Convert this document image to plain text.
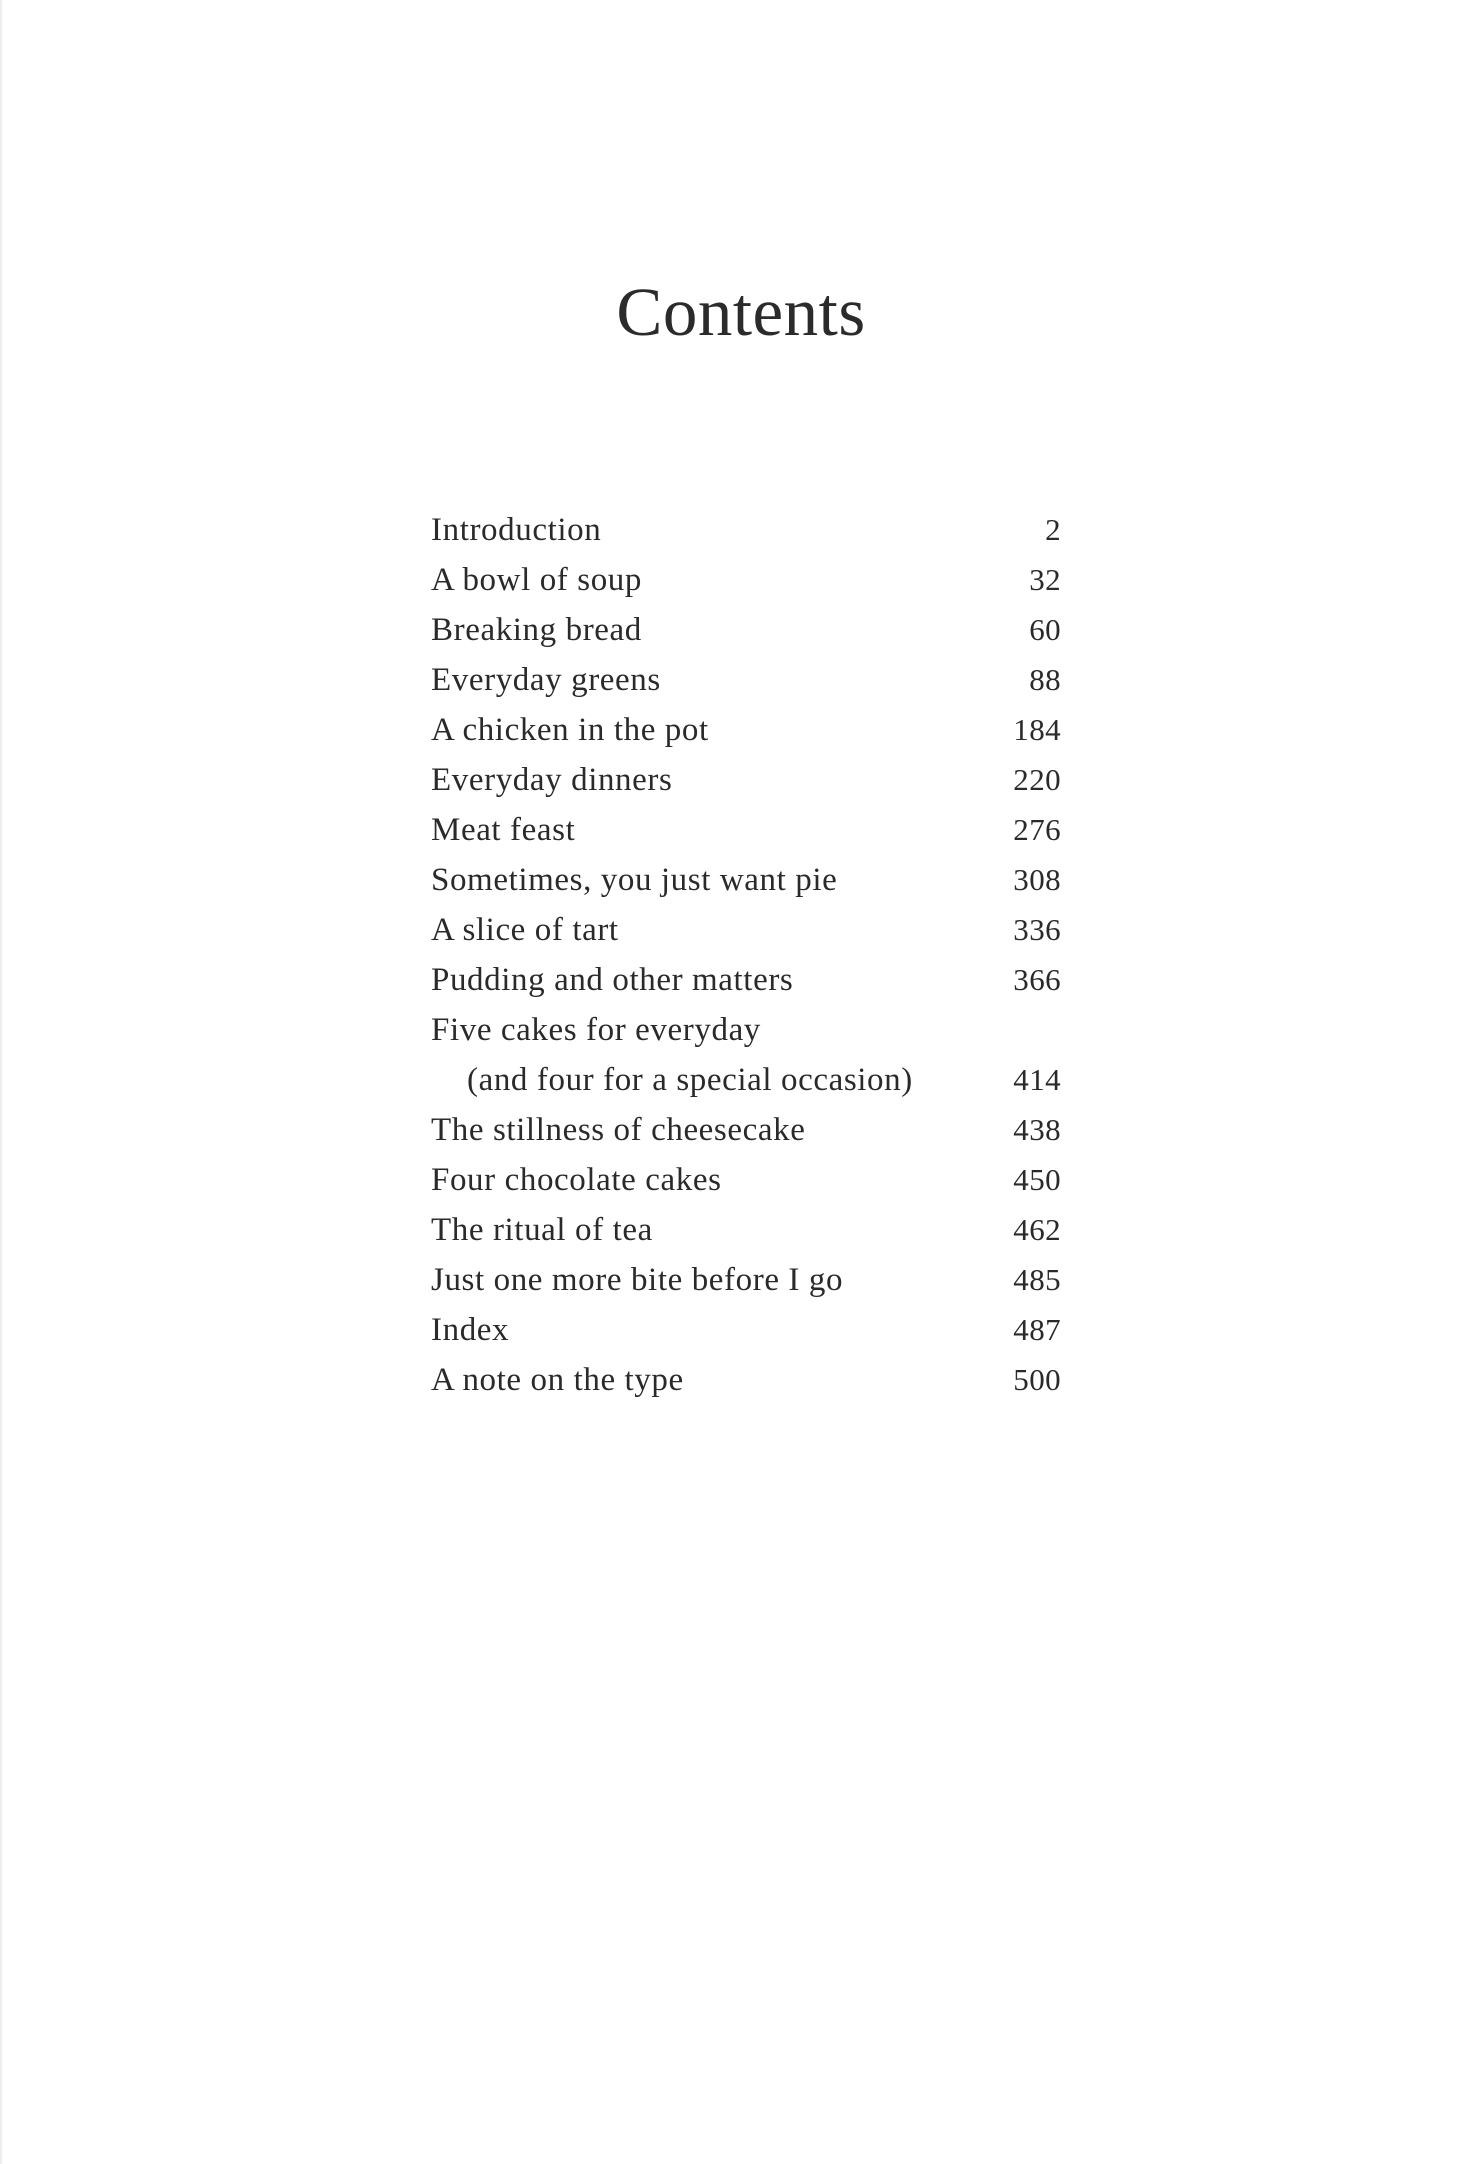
Contents
Introduction	2
A bowl of soup	32
Breaking bread	60
Everyday greens	88
A chicken in the pot	184
Everyday dinners	220
Meat feast	276
Sometimes, you just want pie	308
A slice of tart	336
Pudding and other matters	366
Five cakes for everyday
(and four for a special occasion)	414
The stillness of cheesecake	438
Four chocolate cakes	450
The ritual of tea	462
Just one more bite before I go	485
Index	487
A note on the type	500
